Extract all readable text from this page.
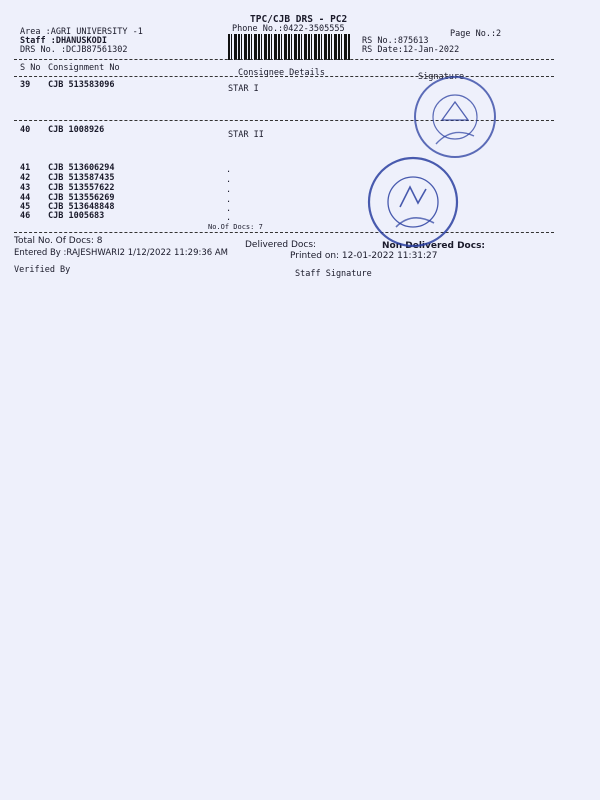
TPC/CJB DRS - PC2
Phone No.:0422-3505555
Area :AGRI UNIVERSITY -1
Staff :DHANUSKODI
DRS No. :DCJB87561302
RS No.:875613
RS Date:12-Jan-2022
Page No.:2
S No Consignment No	Consignee Details	Signature
39 CJB 513583096	STAR I
40 CJB 1008926	STAR II
41 CJB 513606294	.
42 CJB 513587435	.
43 CJB 513557622	.
44 CJB 513556269	.
45 CJB 513648848	.
46 CJB 1005683	.
No.Of Docs: 7
Total No. Of Docs: 8	Delivered Docs:	Non Delivered Docs:
Entered By :RAJESHWARI2 1/12/2022 11:29:36 AM	Printed on: 12-01-2022 11:31:27
Verified By	Staff Signature
